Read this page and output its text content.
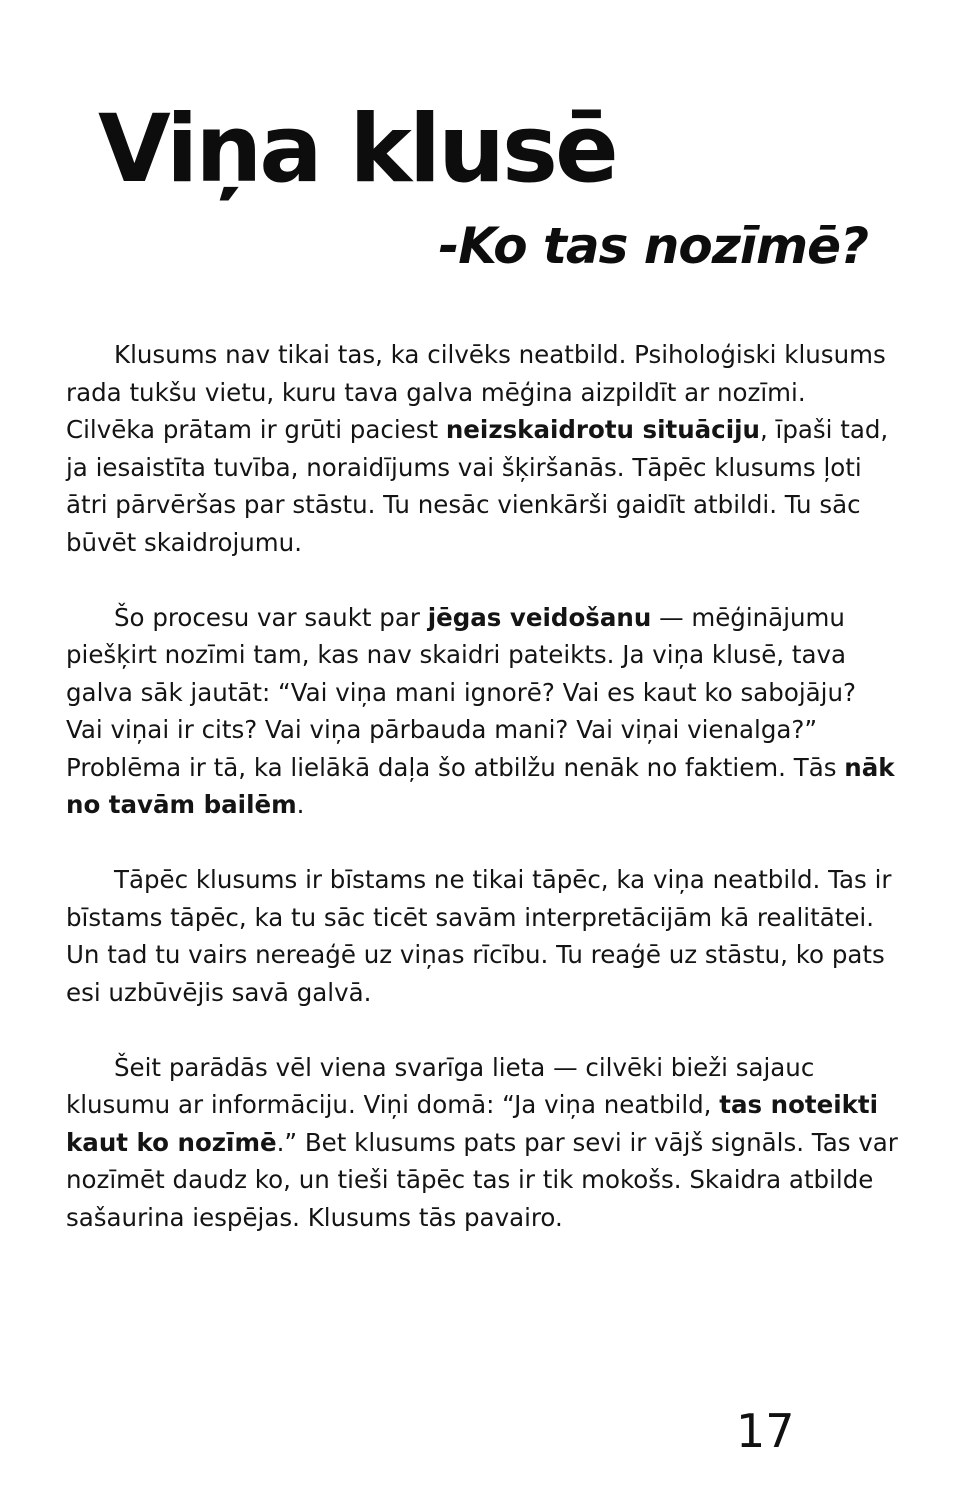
Viņa klusē
-Ko tas nozīmē?

Klusums nav tikai tas, ka cilvēks neatbild. Psiholoģiski klusums rada tukšu vietu, kuru tava galva mēģina aizpildīt ar nozīmi. Cilvēka prātam ir grūti paciest neizskaidrotu situāciju, īpaši tad, ja iesaistīta tuvība, noraidījums vai šķiršanās. Tāpēc klusums ļoti ātri pārvēršas par stāstu. Tu nesāc vienkārši gaidīt atbildi. Tu sāc būvēt skaidrojumu.

Šo procesu var saukt par jēgas veidošanu — mēģinājumu piešķirt nozīmi tam, kas nav skaidri pateikts. Ja viņa klusē, tava galva sāk jautāt: “Vai viņa mani ignorē? Vai es kaut ko sabojāju? Vai viņai ir cits? Vai viņa pārbauda mani? Vai viņai vienalga?” Problēma ir tā, ka lielākā daļa šo atbilžu nenāk no faktiem. Tās nāk no tavām bailēm.

Tāpēc klusums ir bīstams ne tikai tāpēc, ka viņa neatbild. Tas ir bīstams tāpēc, ka tu sāc ticēt savām interpretācijām kā realitātei. Un tad tu vairs nereaģē uz viņas rīcību. Tu reaģē uz stāstu, ko pats esi uzbūvējis savā galvā.

Šeit parādās vēl viena svarīga lieta — cilvēki bieži sajauc klusumu ar informāciju. Viņi domā: “Ja viņa neatbild, tas noteikti kaut ko nozīmē.” Bet klusums pats par sevi ir vājš signāls. Tas var nozīmēt daudz ko, un tieši tāpēc tas ir tik mokošs. Skaidra atbilde sašaurina iespējas. Klusums tās pavairo.

17
